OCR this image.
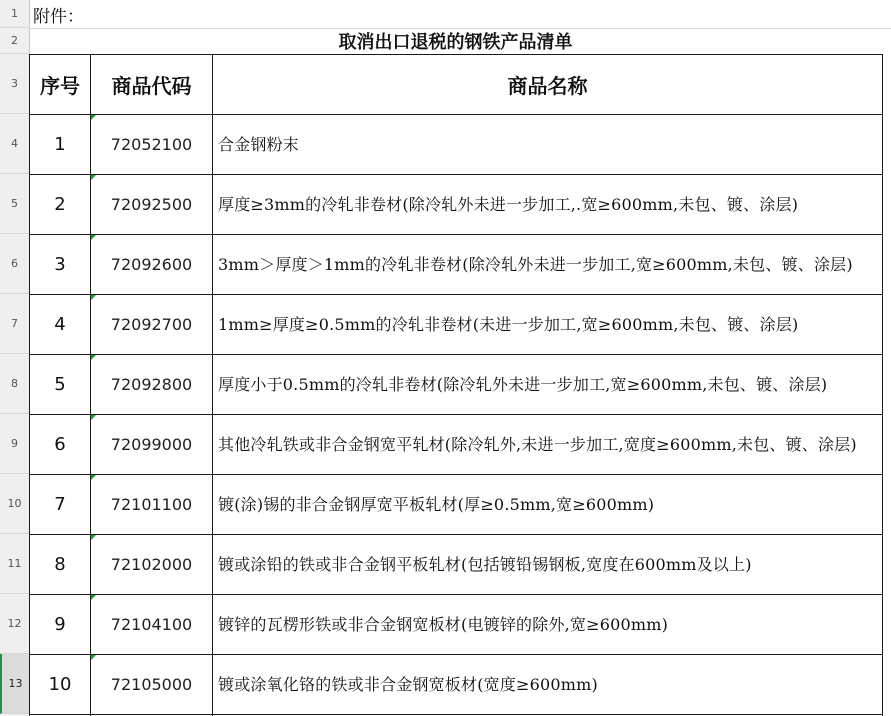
1
2
3
4
5
6
7
8
9
10
11
12
13
附件：
取消出口退税的钢铁产品清单
序号	商品代码	商品名称
1	72052100	合金钢粉末
2	72092500	厚度≥3mm的冷轧非卷材(除冷轧外未进一步加工,.宽≥600mm,未包、镀、涂层)
3	72092600	3mm＞厚度＞1mm的冷轧非卷材(除冷轧外未进一步加工,宽≥600mm,未包、镀、涂层)
4	72092700	1mm≥厚度≥0.5mm的冷轧非卷材(未进一步加工,宽≥600mm,未包、镀、涂层)
5	72092800	厚度小于0.5mm的冷轧非卷材(除冷轧外未进一步加工,宽≥600mm,未包、镀、涂层)
6	72099000	其他冷轧铁或非合金钢宽平轧材(除冷轧外,未进一步加工,宽度≥600mm,未包、镀、涂层)
7	72101100	镀(涂)锡的非合金钢厚宽平板轧材(厚≥0.5mm,宽≥600mm)
8	72102000	镀或涂铅的铁或非合金钢平板轧材(包括镀铅锡钢板,宽度在600mm及以上)
9	72104100	镀锌的瓦楞形铁或非合金钢宽板材(电镀锌的除外,宽≥600mm)
10	72105000	镀或涂氧化铬的铁或非合金钢宽板材(宽度≥600mm)
